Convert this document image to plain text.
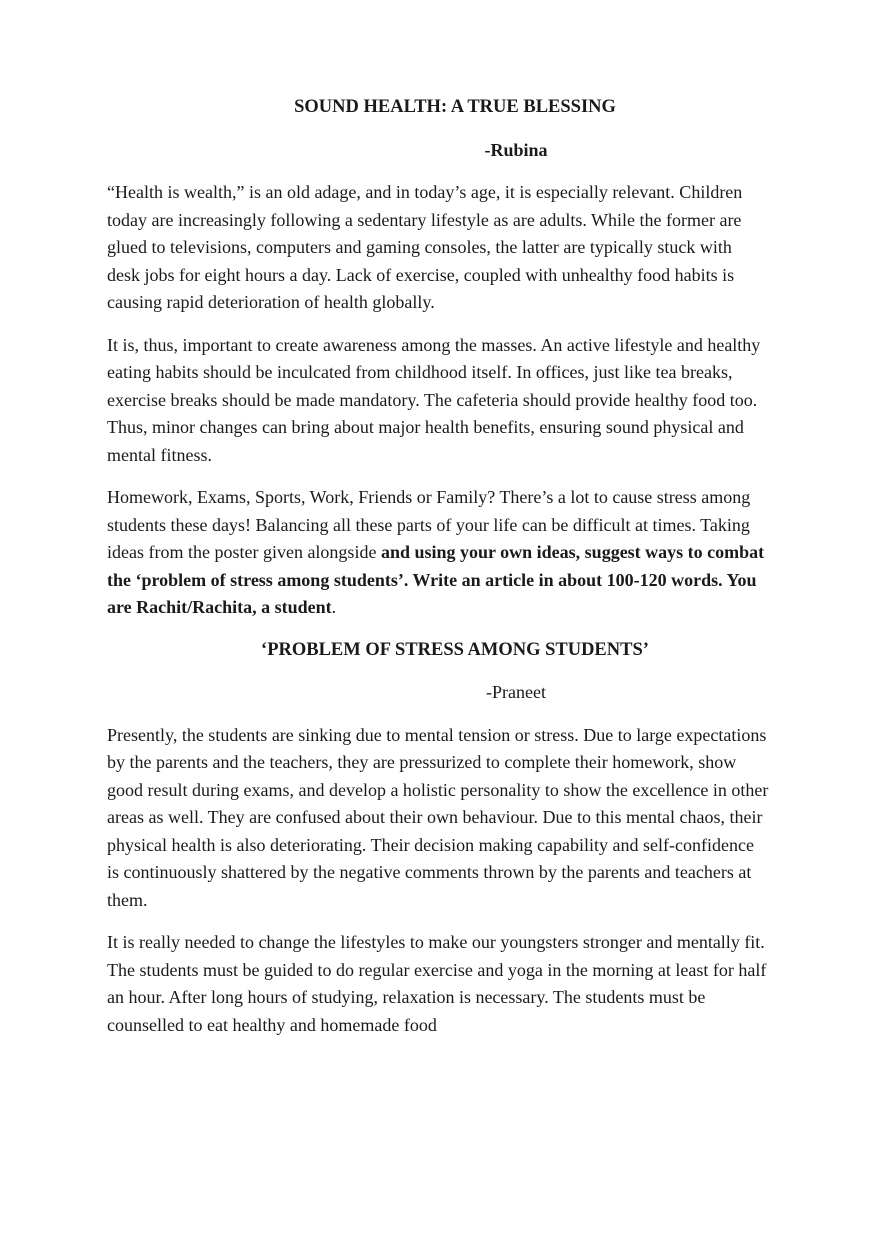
SOUND HEALTH: A TRUE BLESSING

-Rubina

“Health is wealth,” is an old adage, and in today’s age, it is especially relevant. Children today are increasingly following a sedentary lifestyle as are adults. While the former are glued to televisions, computers and gaming consoles, the latter are typically stuck with desk jobs for eight hours a day. Lack of exercise, coupled with unhealthy food habits is causing rapid deterioration of health globally.

It is, thus, important to create awareness among the masses. An active lifestyle and healthy eating habits should be inculcated from childhood itself. In offices, just like tea breaks, exercise breaks should be made mandatory. The cafeteria should provide healthy food too. Thus, minor changes can bring about major health benefits, ensuring sound physical and mental fitness.

Homework, Exams, Sports, Work, Friends or Family? There’s a lot to cause stress among students these days! Balancing all these parts of your life can be difficult at times. Taking ideas from the poster given alongside and using your own ideas, suggest ways to combat the ‘problem of stress among students’. Write an article in about 100-120 words. You are Rachit/Rachita, a student.

‘PROBLEM OF STRESS AMONG STUDENTS’

-Praneet

Presently, the students are sinking due to mental tension or stress. Due to large expectations by the parents and the teachers, they are pressurized to complete their homework, show good result during exams, and develop a holistic personality to show the excellence in other areas as well. They are confused about their own behaviour. Due to this mental chaos, their physical health is also deteriorating. Their decision making capability and self-confidence is continuously shattered by the negative comments thrown by the parents and teachers at them.

It is really needed to change the lifestyles to make our youngsters stronger and mentally fit. The students must be guided to do regular exercise and yoga in the morning at least for half an hour. After long hours of studying, relaxation is necessary. The students must be counselled to eat healthy and homemade food
